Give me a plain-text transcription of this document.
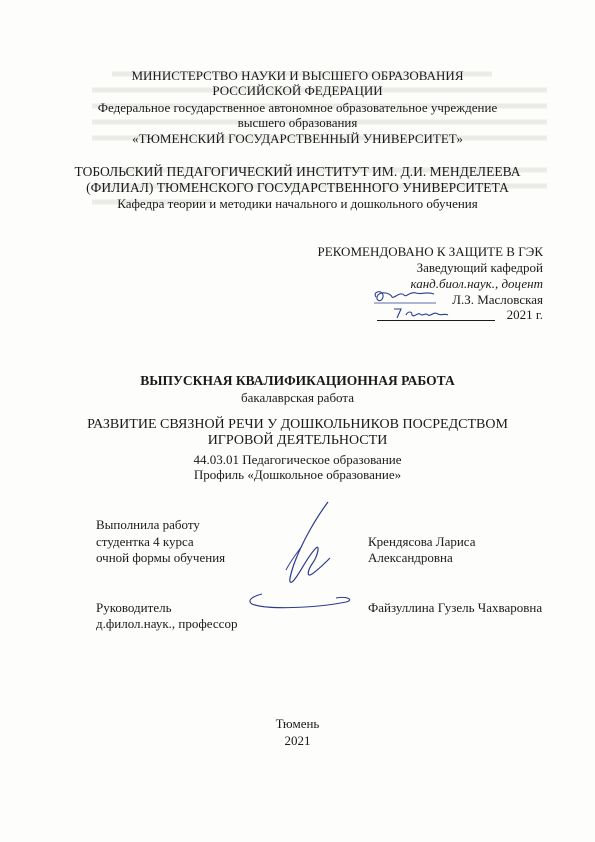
МИНИСТЕРСТВО НАУКИ И ВЫСШЕГО ОБРАЗОВАНИЯ
РОССИЙСКОЙ ФЕДЕРАЦИИ
Федеральное государственное автономное образовательное учреждение
высшего образования
«ТЮМЕНСКИЙ ГОСУДАРСТВЕННЫЙ УНИВЕРСИТЕТ»
ТОБОЛЬСКИЙ ПЕДАГОГИЧЕСКИЙ ИНСТИТУТ ИМ. Д.И. МЕНДЕЛЕЕВА
(ФИЛИАЛ) ТЮМЕНСКОГО ГОСУДАРСТВЕННОГО УНИВЕРСИТЕТА
Кафедра теории и методики начального и дошкольного обучения
РЕКОМЕНДОВАНО К ЗАЩИТЕ В ГЭК
Заведующий кафедрой
канд.биол.наук., доцент
Л.З. Масловская
2021 г.
ВЫПУСКНАЯ КВАЛИФИКАЦИОННАЯ РАБОТА
бакалаврская работа
РАЗВИТИЕ СВЯЗНОЙ РЕЧИ У ДОШКОЛЬНИКОВ ПОСРЕДСТВОМ
ИГРОВОЙ ДЕЯТЕЛЬНОСТИ
44.03.01 Педагогическое образование
Профиль «Дошкольное образование»
Выполнила работу
студентка 4 курса
очной формы обучения
Крендясова Лариса
Александровна
Руководитель
д.филол.наук., профессор
Файзуллина Гузель Чахваровна
Тюмень
2021
